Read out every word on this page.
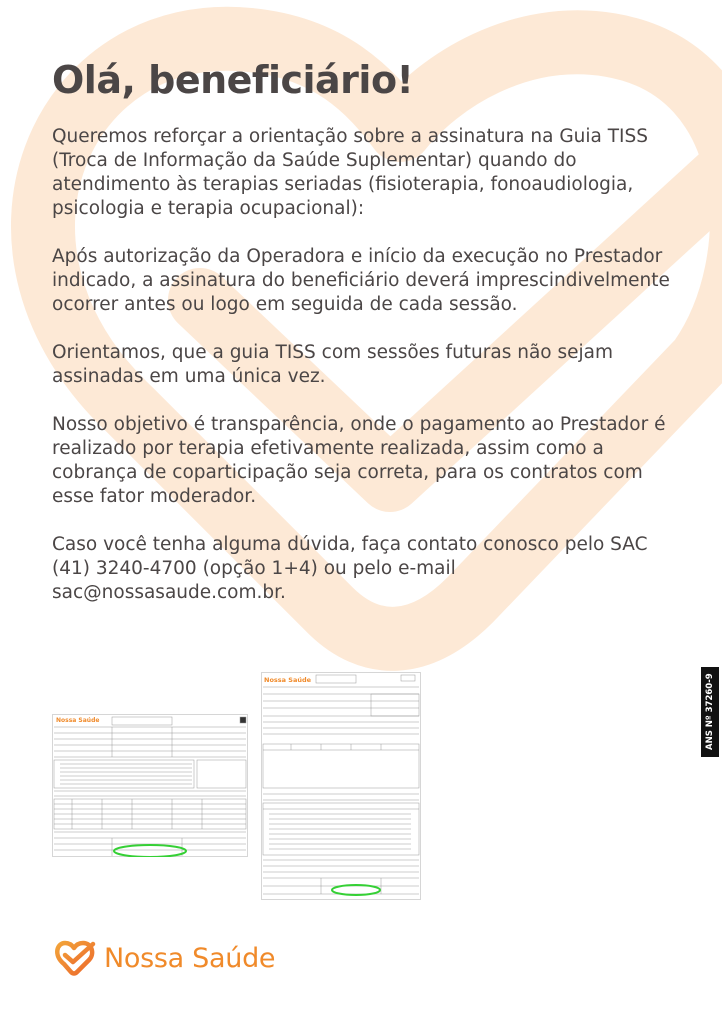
Olá, beneficiário!

Queremos reforçar a orientação sobre a assinatura na Guia TISS (Troca de Informação da Saúde Suplementar) quando do atendimento às terapias seriadas (fisioterapia, fonoaudiologia, psicologia e terapia ocupacional):

Após autorização da Operadora e início da execução no Prestador indicado, a assinatura do beneficiário deverá imprescindivelmente ocorrer antes ou logo em seguida de cada sessão.

Orientamos, que a guia TISS com sessões futuras não sejam assinadas em uma única vez.

Nosso objetivo é transparência, onde o pagamento ao Prestador é realizado por terapia efetivamente realizada, assim como a cobrança de coparticipação seja correta, para os contratos com esse fator moderador.

Caso você tenha alguma dúvida, faça contato conosco pelo SAC (41) 3240-4700 (opção 1+4) ou pelo e-mail sac@nossasaude.com.br.

ANS Nº 37260-9
Nossa Saúde
Nossa Saúde
Nossa Saúde
